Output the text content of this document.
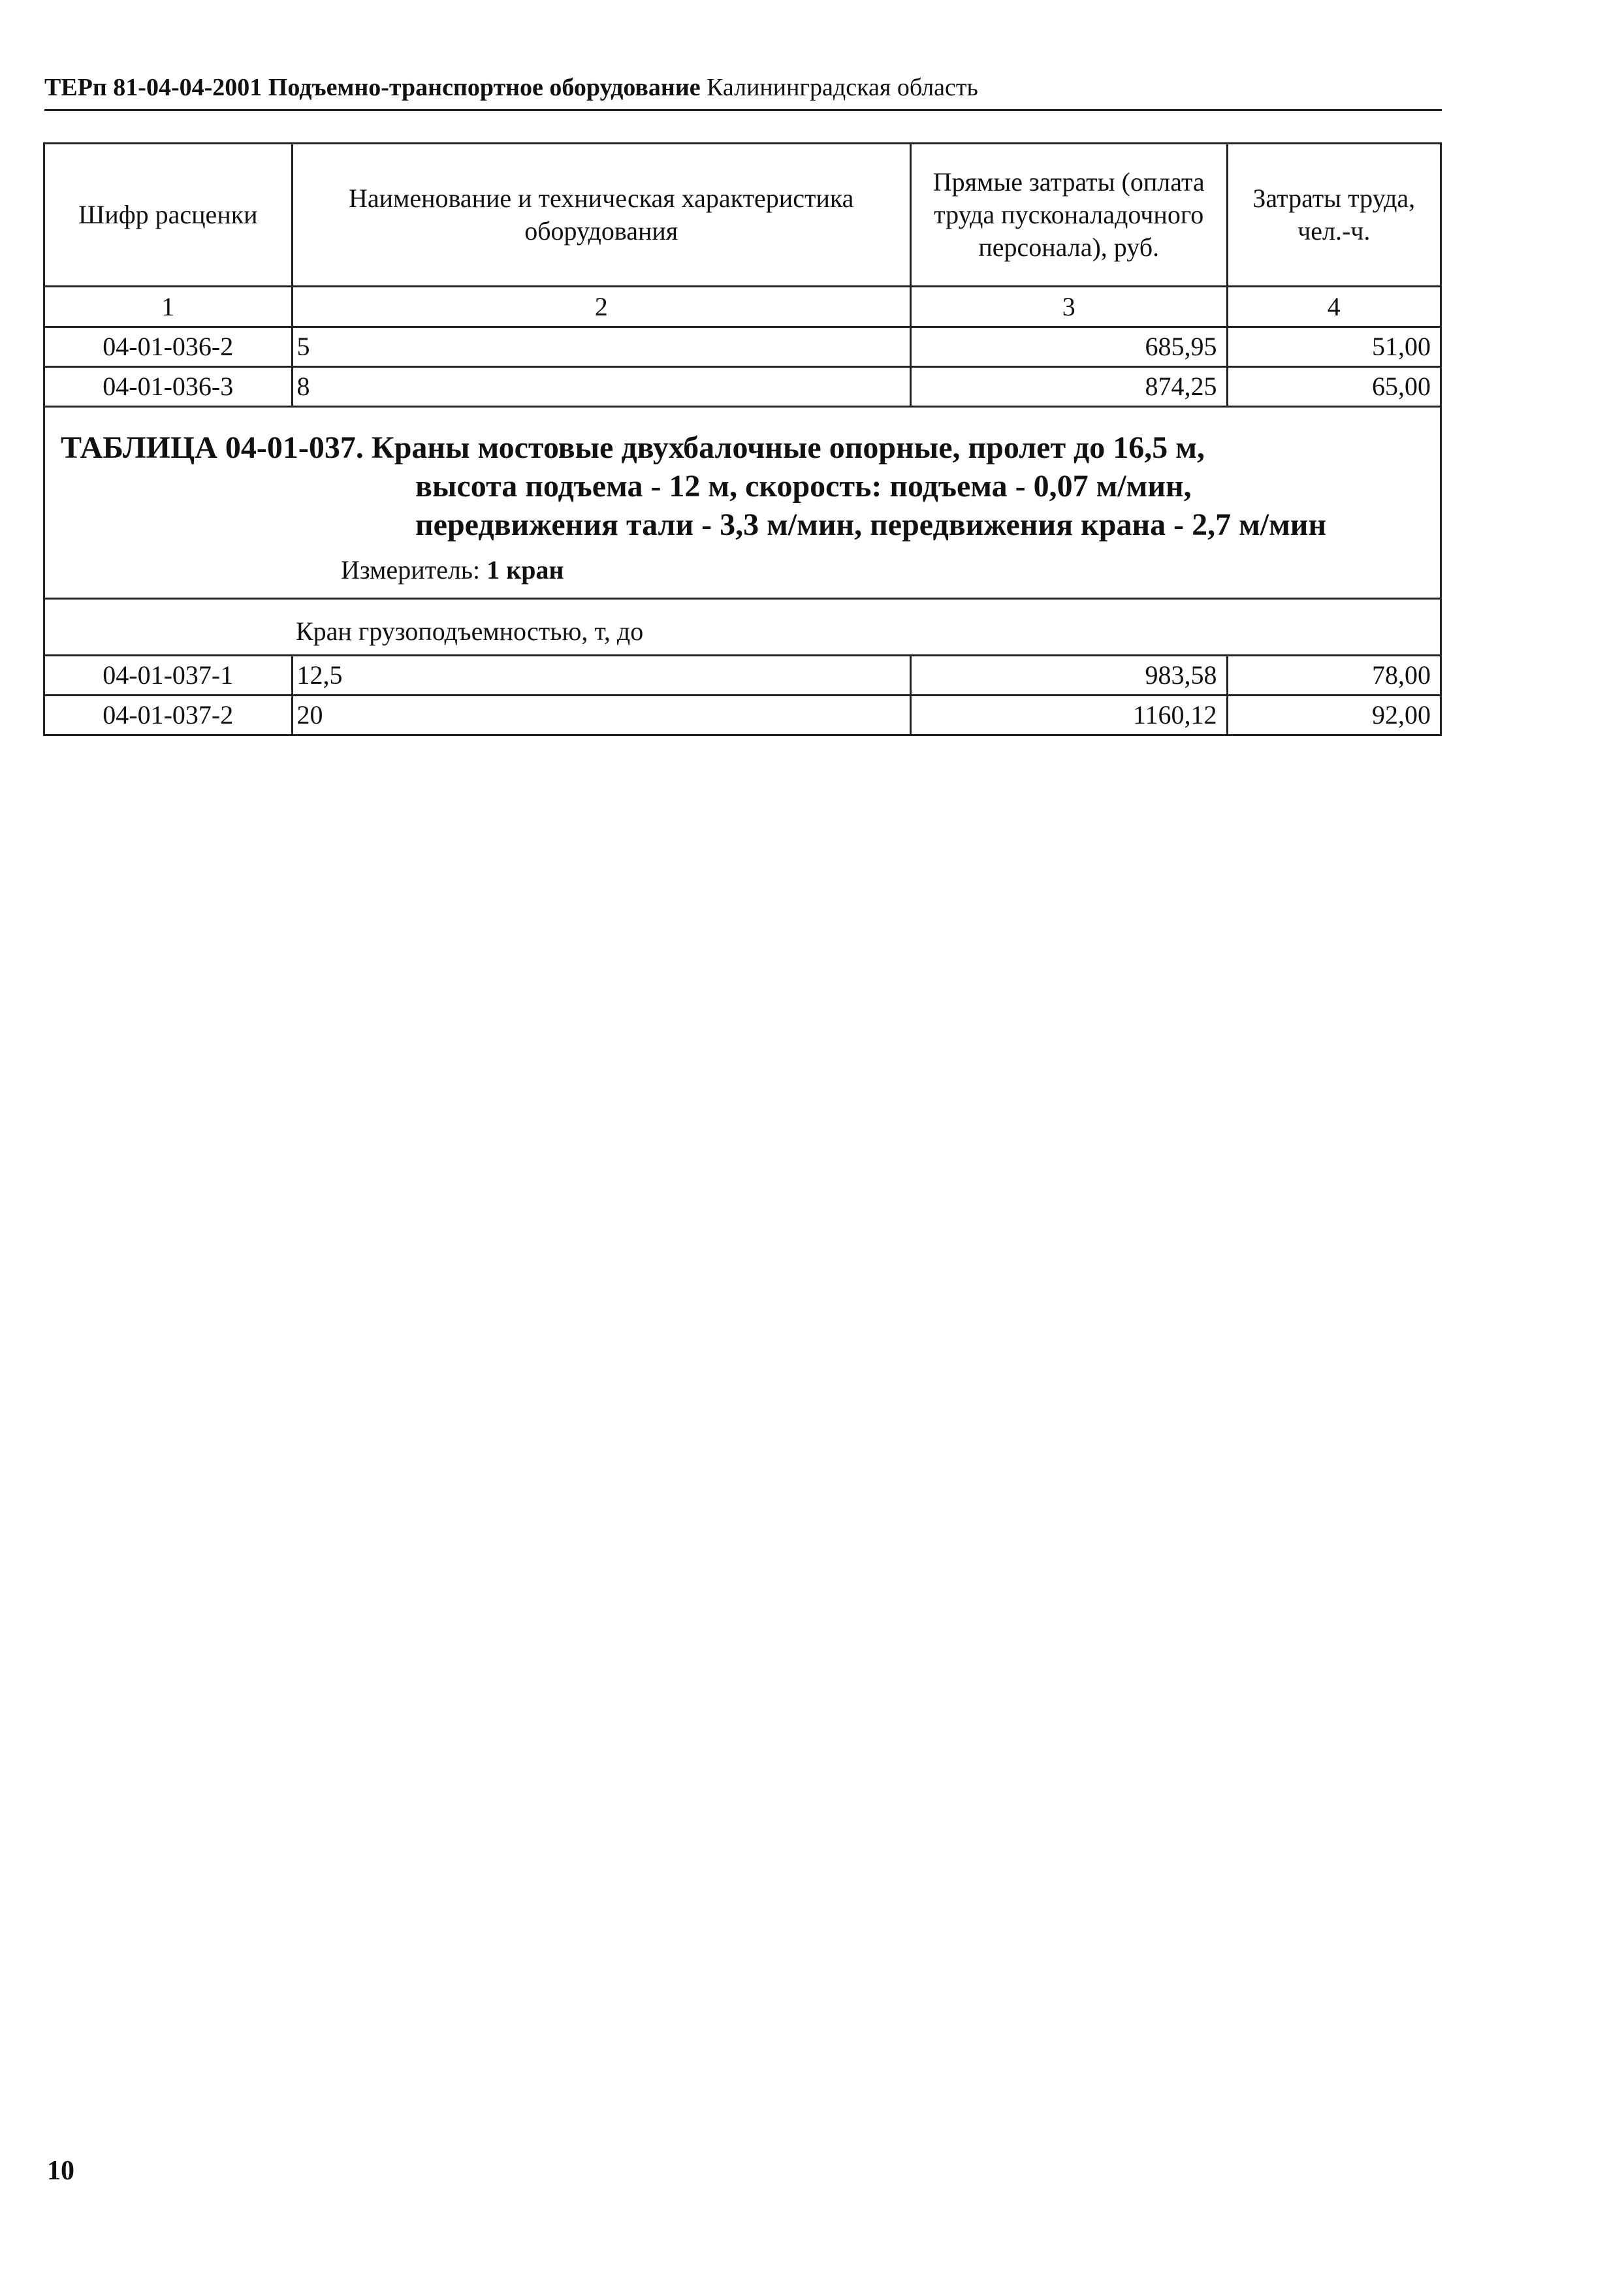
ТЕРп 81-04-04-2001 Подъемно-транспортное оборудование Калининградская область
Шифр расценки	Наименование и техническая характеристика оборудования	Прямые затраты (оплата труда пусконаладочного персонала), руб.	Затраты труда, чел.-ч.
1	2	3	4
04-01-036-2	5	685,95	51,00
04-01-036-3	8	874,25	65,00

ТАБЛИЦА 04-01-037. Краны мостовые двухбалочные опорные, пролет до 16,5 м,
высота подъема - 12 м, скорость: подъема - 0,07 м/мин,
передвижения тали - 3,3 м/мин, передвижения крана - 2,7 м/мин
Измеритель: 1 кран			

Кран грузоподъемностью, т, до			
04-01-037-1	12,5	983,58	78,00
04-01-037-2	20	1160,12	92,00
10
